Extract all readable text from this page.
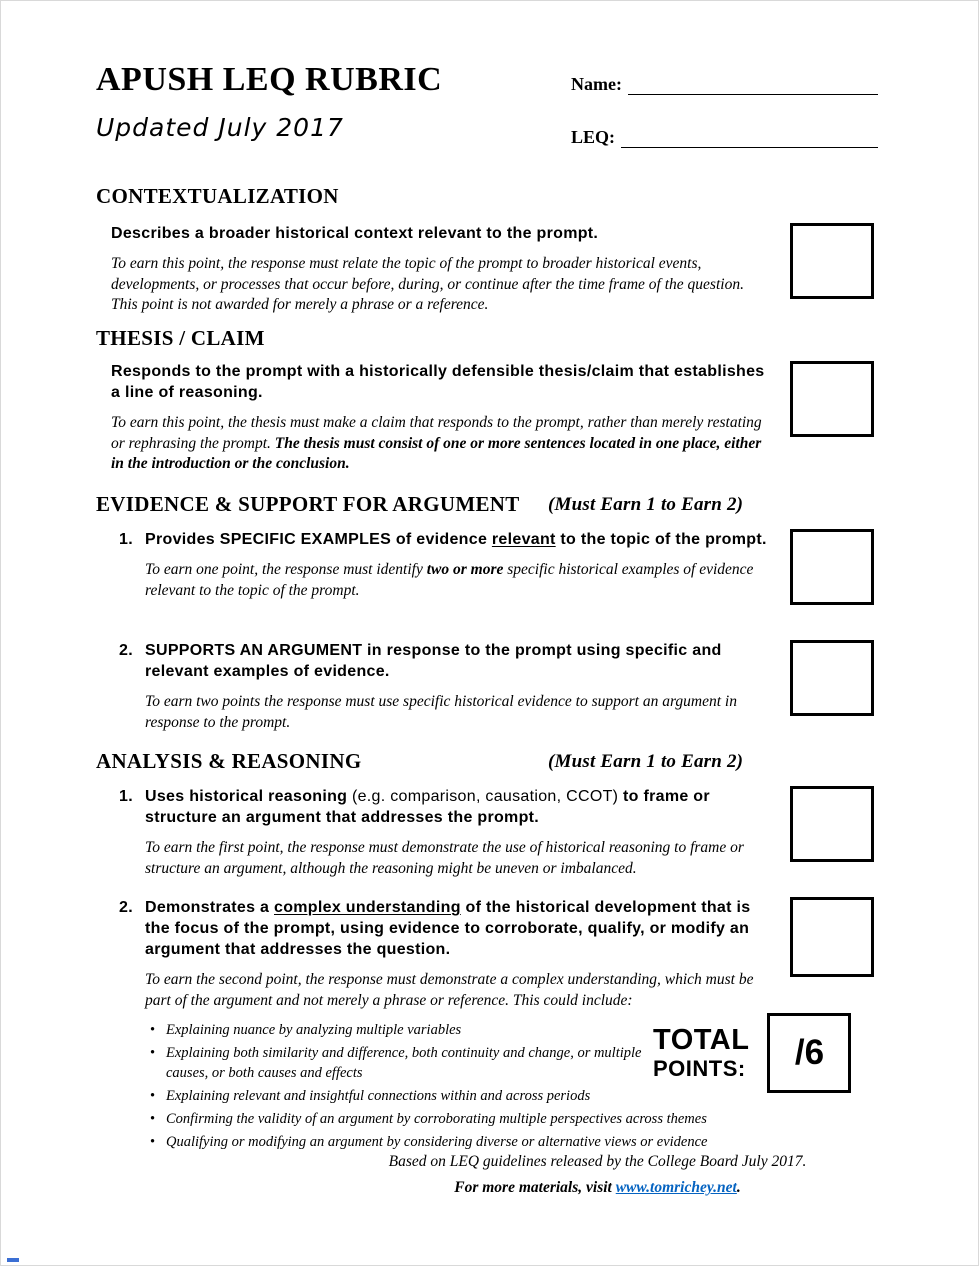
APUSH LEQ RUBRIC
Updated July 2017
Name:
LEQ:
CONTEXTUALIZATION
Describes a broader historical context relevant to the prompt.
To earn this point, the response must relate the topic of the prompt to broader historical events, developments, or processes that occur before, during, or continue after the time frame of the question. This point is not awarded for merely a phrase or a reference.
THESIS / CLAIM
Responds to the prompt with a historically defensible thesis/claim that establishes a line of reasoning.
To earn this point, the thesis must make a claim that responds to the prompt, rather than merely restating or rephrasing the prompt. The thesis must consist of one or more sentences located in one place, either in the introduction or the conclusion.
EVIDENCE & SUPPORT FOR ARGUMENT (Must Earn 1 to Earn 2)
1. Provides SPECIFIC EXAMPLES of evidence relevant to the topic of the prompt.
To earn one point, the response must identify two or more specific historical examples of evidence relevant to the topic of the prompt.
2. SUPPORTS AN ARGUMENT in response to the prompt using specific and relevant examples of evidence.
To earn two points the response must use specific historical evidence to support an argument in response to the prompt.
ANALYSIS & REASONING	(Must Earn 1 to Earn 2)
1. Uses historical reasoning (e.g. comparison, causation, CCOT) to frame or structure an argument that addresses the prompt.
To earn the first point, the response must demonstrate the use of historical reasoning to frame or structure an argument, although the reasoning might be uneven or imbalanced.
2. Demonstrates a complex understanding of the historical development that is the focus of the prompt, using evidence to corroborate, qualify, or modify an argument that addresses the question.
To earn the second point, the response must demonstrate a complex understanding, which must be part of the argument and not merely a phrase or reference. This could include:
• Explaining nuance by analyzing multiple variables
• Explaining both similarity and difference, both continuity and change, or multiple causes, or both causes and effects
• Explaining relevant and insightful connections within and across periods
• Confirming the validity of an argument by corroborating multiple perspectives across themes
• Qualifying or modifying an argument by considering diverse or alternative views or evidence
TOTAL
POINTS: /6
Based on LEQ guidelines released by the College Board July 2017.
For more materials, visit www.tomrichey.net.
